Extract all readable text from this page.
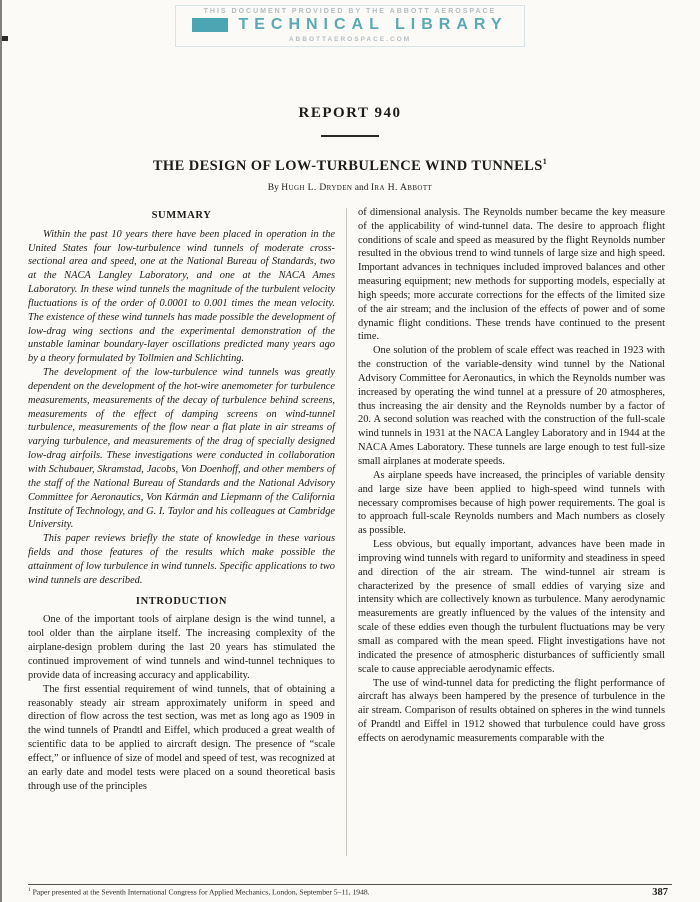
THIS DOCUMENT PROVIDED BY THE ABBOTT AEROSPACE
TECHNICAL LIBRARY
ABBOTTAEROSPACE.COM
REPORT 940
THE DESIGN OF LOW-TURBULENCE WIND TUNNELS$^1$
By Hugh L. Dryden and Ira H. Abbott
SUMMARY

Within the past 10 years there have been placed in operation in the United States four low-turbulence wind tunnels of moderate cross-sectional area and speed, one at the National Bureau of Standards, two at the NACA Langley Laboratory, and one at the NACA Ames Laboratory. In these wind tunnels the magnitude of the turbulent velocity fluctuations is of the order of 0.0001 to 0.001 times the mean velocity. The existence of these wind tunnels has made possible the development of low-drag wing sections and the experimental demonstration of the unstable laminar boundary-layer oscillations predicted many years ago by a theory formulated by Tollmien and Schlichting.

The development of the low-turbulence wind tunnels was greatly dependent on the development of the hot-wire anemometer for turbulence measurements, measurements of the decay of turbulence behind screens, measurements of the effect of damping screens on wind-tunnel turbulence, measurements of the flow near a flat plate in air streams of varying turbulence, and measurements of the drag of specially designed low-drag airfoils. These investigations were conducted in collaboration with Schubauer, Skramstad, Jacobs, Von Doenhoff, and other members of the staff of the National Bureau of Standards and the National Advisory Committee for Aeronautics, Von Kármán and Liepmann of the California Institute of Technology, and G. I. Taylor and his colleagues at Cambridge University.

This paper reviews briefly the state of knowledge in these various fields and those features of the results which make possible the attainment of low turbulence in wind tunnels. Specific applications to two wind tunnels are described.

INTRODUCTION

One of the important tools of airplane design is the wind tunnel, a tool older than the airplane itself. The increasing complexity of the airplane-design problem during the last 20 years has stimulated the continued improvement of wind tunnels and wind-tunnel techniques to provide data of increasing accuracy and applicability.

The first essential requirement of wind tunnels, that of obtaining a reasonably steady air stream approximately uniform in speed and direction of flow across the test section, was met as long ago as 1909 in the wind tunnels of Prandtl and Eiffel, which produced a great wealth of scientific data to be applied to aircraft design. The presence of “scale effect,” or influence of size of model and speed of test, was recognized at an early date and model tests were placed on a sound theoretical basis through use of the principles

of dimensional analysis. The Reynolds number became the key measure of the applicability of wind-tunnel data. The desire to approach flight conditions of scale and speed as measured by the flight Reynolds number resulted in the obvious trend to wind tunnels of large size and high speed. Important advances in techniques included improved balances and other measuring equipment; new methods for supporting models, especially at high speeds; more accurate corrections for the effects of the limited size of the air stream; and the inclusion of the effects of power and of some dynamic flight conditions. These trends have continued to the present time.

One solution of the problem of scale effect was reached in 1923 with the construction of the variable-density wind tunnel by the National Advisory Committee for Aeronautics, in which the Reynolds number was increased by operating the wind tunnel at a pressure of 20 atmospheres, thus increasing the air density and the Reynolds number by a factor of 20. A second solution was reached with the construction of the full-scale wind tunnels in 1931 at the NACA Langley Laboratory and in 1944 at the NACA Ames Laboratory. These tunnels are large enough to test full-size small airplanes at moderate speeds.

As airplane speeds have increased, the principles of variable density and large size have been applied to high-speed wind tunnels with necessary compromises because of high power requirements. The goal is to approach full-scale Reynolds numbers and Mach numbers as closely as possible.

Less obvious, but equally important, advances have been made in improving wind tunnels with regard to uniformity and steadiness in speed and direction of the air stream. The wind-tunnel air stream is characterized by the presence of small eddies of varying size and intensity which are collectively known as turbulence. Many aerodynamic measurements are greatly influenced by the values of the intensity and scale of these eddies even though the turbulent fluctuations may be very small as compared with the mean speed. Flight investigations have not indicated the presence of atmospheric disturbances of sufficiently small scale to cause appreciable aerodynamic effects.

The use of wind-tunnel data for predicting the flight performance of aircraft has always been hampered by the presence of turbulence in the air stream. Comparison of results obtained on spheres in the wind tunnels of Prandtl and Eiffel in 1912 showed that turbulence could have gross effects on aerodynamic measurements comparable with the

$^1$ Paper presented at the Seventh International Congress for Applied Mechanics, London, September 5–11, 1948.	387
